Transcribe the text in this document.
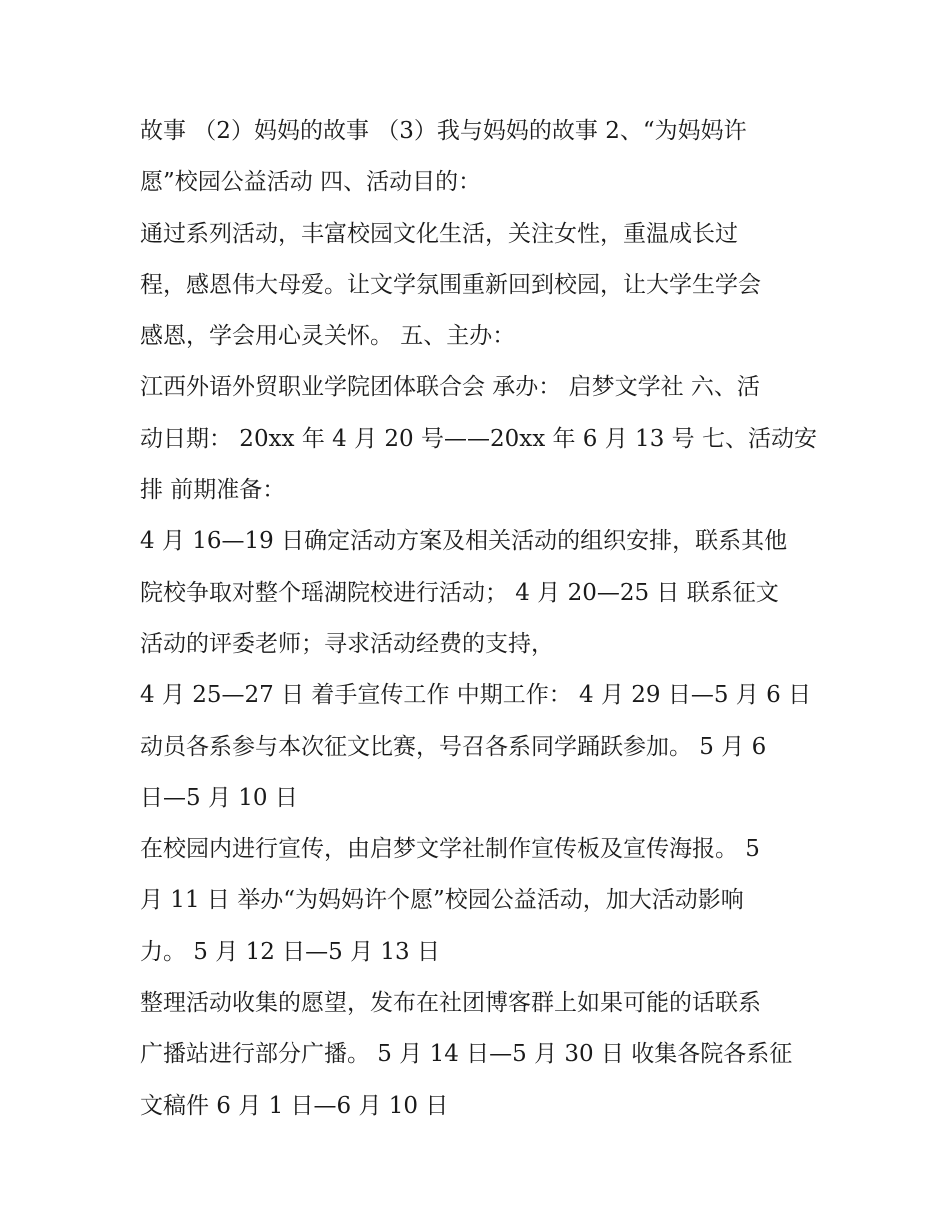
故事 （2）妈妈的故事 （3）我与妈妈的故事 2、“为妈妈许
愿”校园公益活动 四、活动目的：
通过系列活动，丰富校园文化生活，关注女性，重温成长过
程，感恩伟大母爱。让文学氛围重新回到校园，让大学生学会
感恩，学会用心灵关怀。 五、主办：
江西外语外贸职业学院团体联合会 承办： 启梦文学社 六、活
动日期： 20xx 年 4 月 20 号——20xx 年 6 月 13 号 七、活动安
排 前期准备：
4 月 16—19 日确定活动方案及相关活动的组织安排，联系其他
院校争取对整个瑶湖院校进行活动； 4 月 20—25 日 联系征文
活动的评委老师；寻求活动经费的支持，
4 月 25—27 日 着手宣传工作 中期工作： 4 月 29 日—5 月 6 日
动员各系参与本次征文比赛，号召各系同学踊跃参加。 5 月 6
日—5 月 10 日
在校园内进行宣传，由启梦文学社制作宣传板及宣传海报。 5
月 11 日 举办“为妈妈许个愿”校园公益活动，加大活动影响
力。 5 月 12 日—5 月 13 日
整理活动收集的愿望，发布在社团博客群上如果可能的话联系
广播站进行部分广播。 5 月 14 日—5 月 30 日 收集各院各系征
文稿件 6 月 1 日—6 月 10 日
